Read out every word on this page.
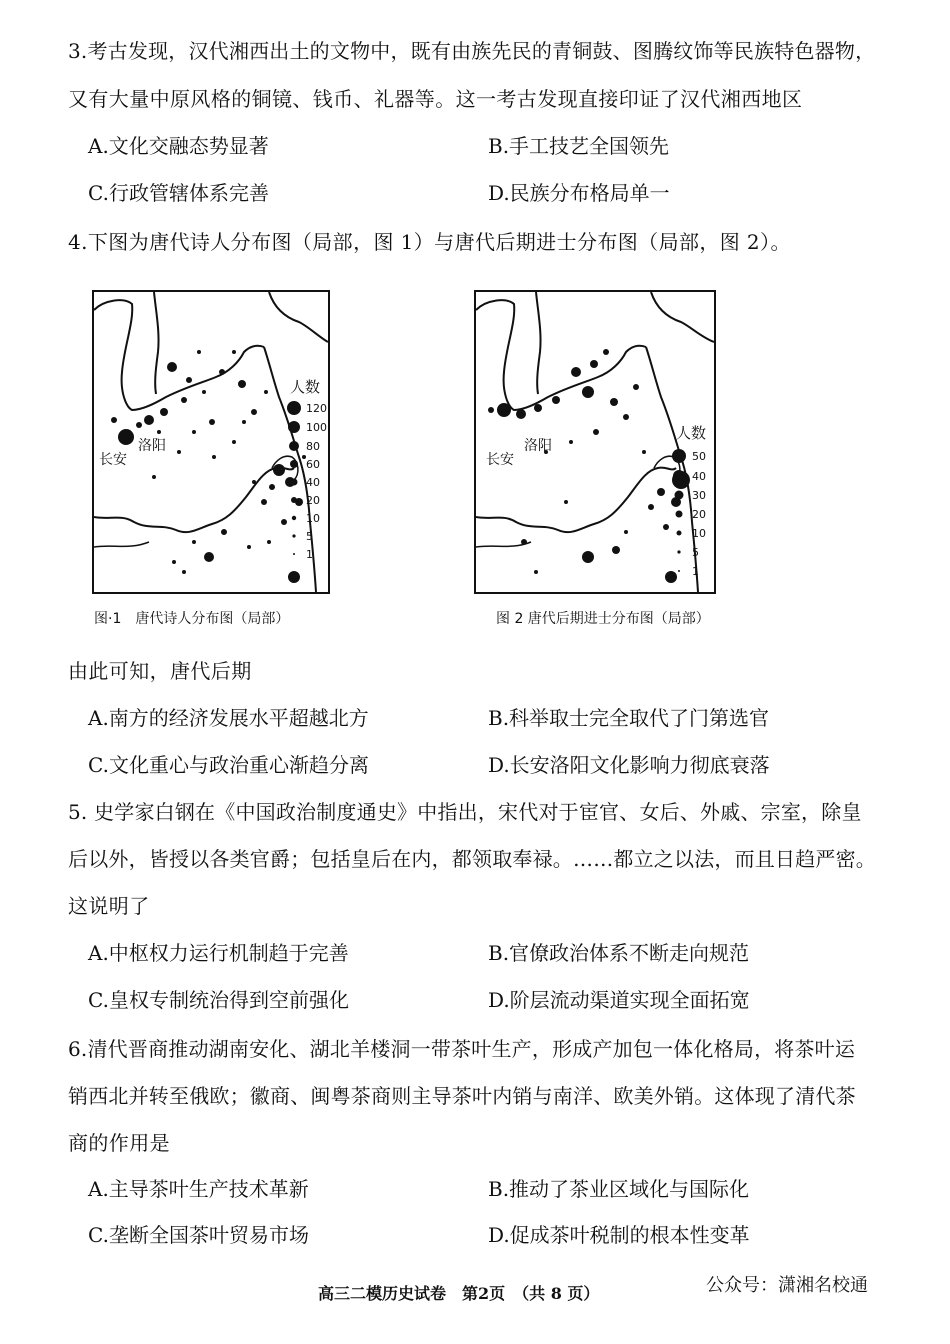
3.考古发现，汉代湘西出土的文物中，既有由族先民的青铜鼓、图腾纹饰等民族特色器物，

又有大量中原风格的铜镜、钱币、礼器等。这一考古发现直接印证了汉代湘西地区

A.文化交融态势显著	B.手工技艺全国领先

C.行政管辖体系完善	D.民族分布格局单一

4.下图为唐代诗人分布图（局部，图 1）与唐代后期进士分布图（局部，图 2）。

长安
洛阳
人数
120
100
80
60
40
20
10
5
1

图·1　唐代诗人分布图（局部）

长安
洛阳
人数
50
40
30
20
10
5
1

图 2 唐代后期进士分布图（局部）

由此可知，唐代后期

A.南方的经济发展水平超越北方	B.科举取士完全取代了门第选官

C.文化重心与政治重心渐趋分离	D.长安洛阳文化影响力彻底衰落

5. 史学家白钢在《中国政治制度通史》中指出，宋代对于宦官、女后、外戚、宗室，除皇

后以外，皆授以各类官爵；包括皇后在内，都领取奉禄。……都立之以法，而且日趋严密。

这说明了

A.中枢权力运行机制趋于完善	B.官僚政治体系不断走向规范

C.皇权专制统治得到空前强化	D.阶层流动渠道实现全面拓宽

6.清代晋商推动湖南安化、湖北羊楼洞一带茶叶生产，形成产加包一体化格局，将茶叶运

销西北并转至俄欧；徽商、闽粤茶商则主导茶叶内销与南洋、欧美外销。这体现了清代茶

商的作用是

A.主导茶叶生产技术革新	B.推动了茶业区域化与国际化

C.垄断全国茶叶贸易市场	D.促成茶叶税制的根本性变革

高三二模历史试卷　第2页　（共 8 页）	公众号：潇湘名校通
